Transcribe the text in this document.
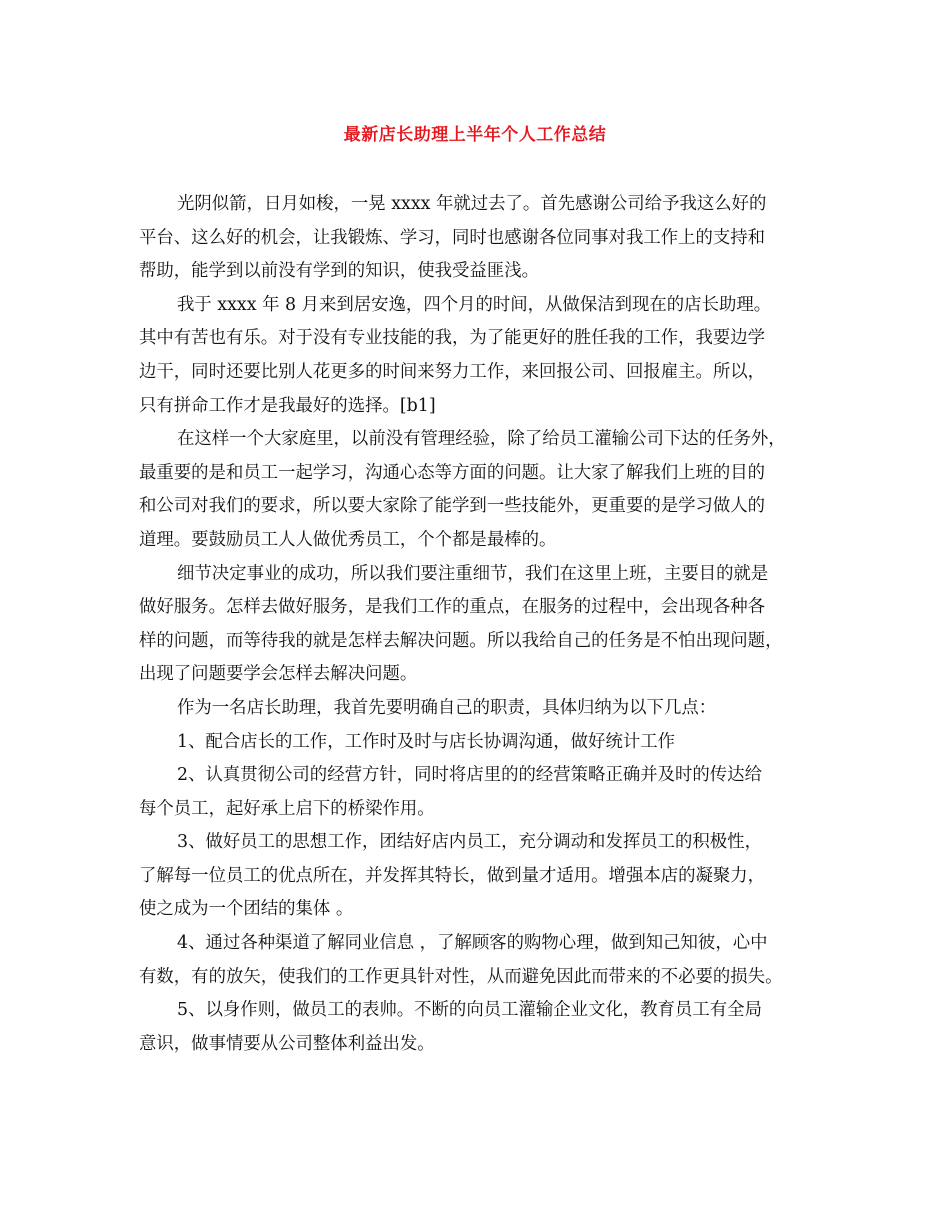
最新店长助理上半年个人工作总结
光阴似箭，日月如梭，一晃 xxxx 年就过去了。首先感谢公司给予我这么好的
平台、这么好的机会，让我锻炼、学习，同时也感谢各位同事对我工作上的支持和
帮助，能学到以前没有学到的知识，使我受益匪浅。
我于 xxxx 年 8 月来到居安逸，四个月的时间，从做保洁到现在的店长助理。
其中有苦也有乐。对于没有专业技能的我，为了能更好的胜任我的工作，我要边学
边干，同时还要比别人花更多的时间来努力工作，来回报公司、回报雇主。所以，
只有拼命工作才是我最好的选择。[b1]
在这样一个大家庭里，以前没有管理经验，除了给员工灌输公司下达的任务外，
最重要的是和员工一起学习，沟通心态等方面的问题。让大家了解我们上班的目的
和公司对我们的要求，所以要大家除了能学到一些技能外，更重要的是学习做人的
道理。要鼓励员工人人做优秀员工，个个都是最棒的。
细节决定事业的成功，所以我们要注重细节，我们在这里上班，主要目的就是
做好服务。怎样去做好服务，是我们工作的重点，在服务的过程中，会出现各种各
样的问题，而等待我的就是怎样去解决问题。所以我给自己的任务是不怕出现问题，
出现了问题要学会怎样去解决问题。
作为一名店长助理，我首先要明确自己的职责，具体归纳为以下几点：
1、配合店长的工作，工作时及时与店长协调沟通，做好统计工作
2、认真贯彻公司的经营方针，同时将店里的的经营策略正确并及时的传达给
每个员工，起好承上启下的桥梁作用。
3、做好员工的思想工作，团结好店内员工，充分调动和发挥员工的积极性，
了解每一位员工的优点所在，并发挥其特长，做到量才适用。增强本店的凝聚力，
使之成为一个团结的集体 。
4、通过各种渠道了解同业信息 ，了解顾客的购物心理，做到知己知彼，心中
有数，有的放矢，使我们的工作更具针对性，从而避免因此而带来的不必要的损失。
5、以身作则，做员工的表帅。不断的向员工灌输企业文化，教育员工有全局
意识，做事情要从公司整体利益出发。
